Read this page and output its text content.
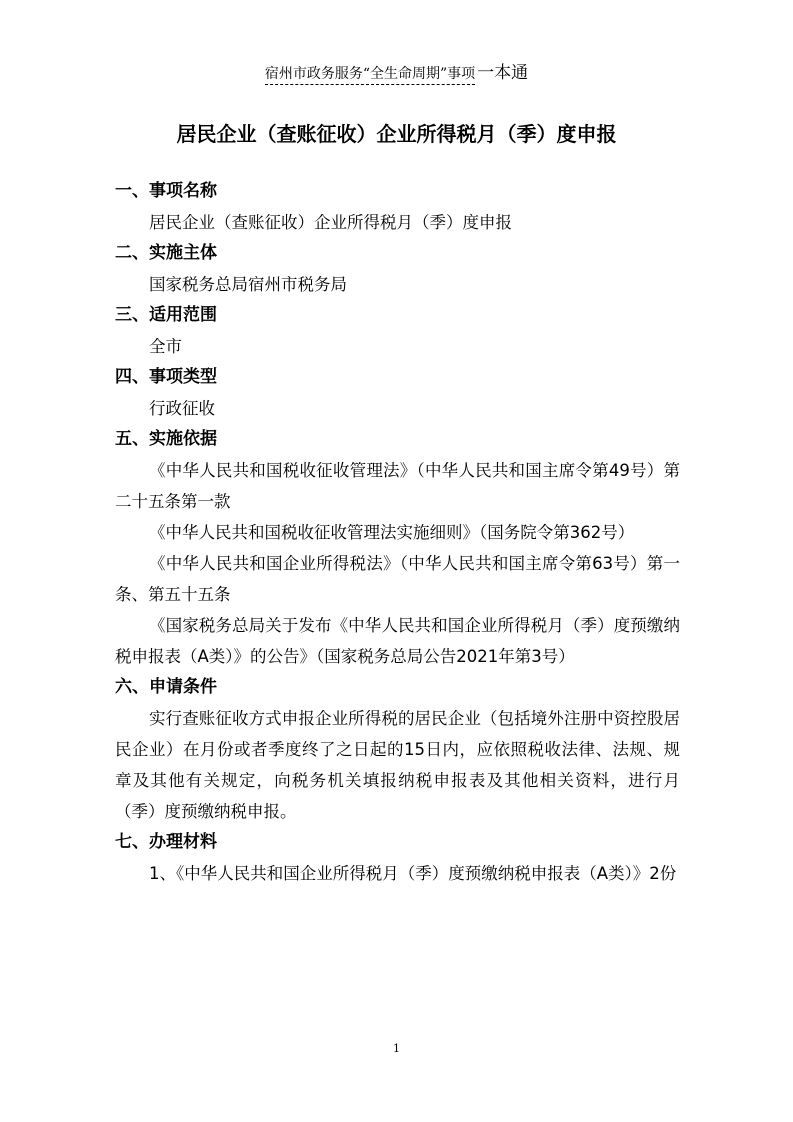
宿州市政务服务“全生命周期”事项 一本通
居民企业（查账征收）企业所得税月（季）度申报
一、事项名称

居民企业（查账征收）企业所得税月（季）度申报

二、实施主体

国家税务总局宿州市税务局

三、适用范围

全市

四、事项类型

行政征收

五、实施依据

《中华人民共和国税收征收管理法》（中华人民共和国主席令第49号）第二十五条第一款

《中华人民共和国税收征收管理法实施细则》（国务院令第362号）

《中华人民共和国企业所得税法》（中华人民共和国主席令第63号）第一条、第五十五条

《国家税务总局关于发布《中华人民共和国企业所得税月（季）度预缴纳税申报表（A类）》的公告》（国家税务总局公告2021年第3号）

六、申请条件

实行查账征收方式申报企业所得税的居民企业（包括境外注册中资控股居民企业）在月份或者季度终了之日起的15日内，应依照税收法律、法规、规章及其他有关规定，向税务机关填报纳税申报表及其他相关资料，进行月（季）度预缴纳税申报。

七、办理材料

1、《中华人民共和国企业所得税月（季）度预缴纳税申报表（A类）》2份

1
